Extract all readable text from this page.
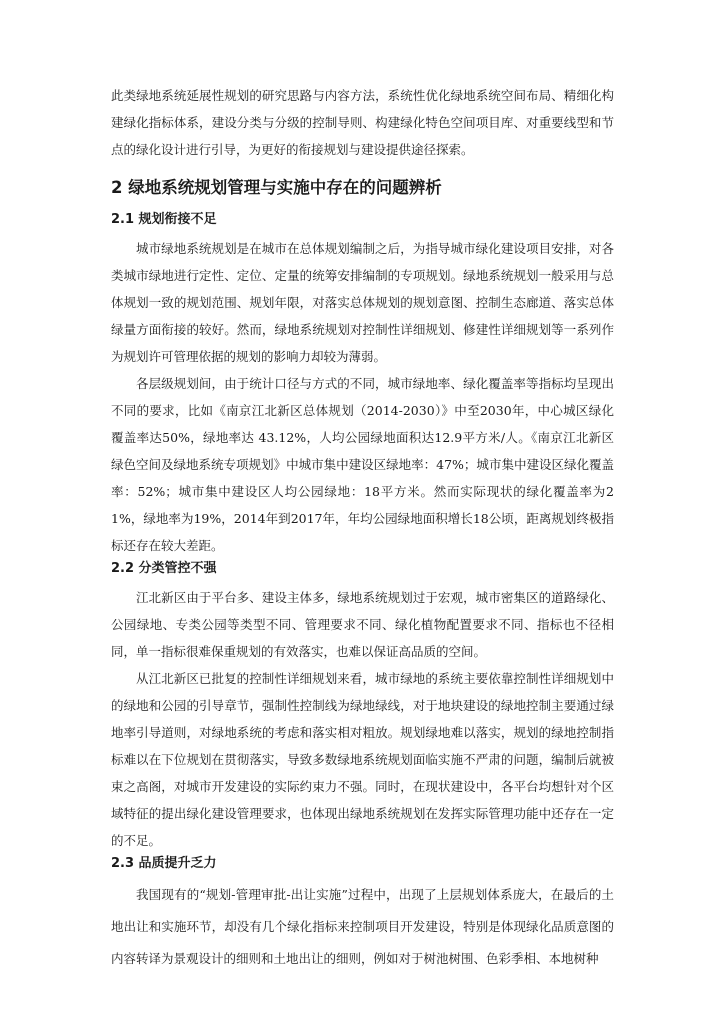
此类绿地系统延展性规划的研究思路与内容方法，系统性优化绿地系统空间布局、精细化构建绿化指标体系，建设分类与分级的控制导则、构建绿化特色空间项目库、对重要线型和节点的绿化设计进行引导，为更好的衔接规划与建设提供途径探索。

2 绿地系统规划管理与实施中存在的问题辨析
2.1 规划衔接不足

城市绿地系统规划是在城市在总体规划编制之后，为指导城市绿化建设项目安排，对各类城市绿地进行定性、定位、定量的统筹安排编制的专项规划。绿地系统规划一般采用与总体规划一致的规划范围、规划年限，对落实总体规划的规划意图、控制生态廊道、落实总体绿量方面衔接的较好。然而，绿地系统规划对控制性详细规划、修建性详细规划等一系列作为规划许可管理依据的规划的影响力却较为薄弱。

各层级规划间，由于统计口径与方式的不同，城市绿地率、绿化覆盖率等指标均呈现出不同的要求，比如《南京江北新区总体规划（2014-2030）》中至2030年，中心城区绿化覆盖率达50%，绿地率达 43.12%，人均公园绿地面积达12.9平方米/人。《南京江北新区绿色空间及绿地系统专项规划》中城市集中建设区绿地率：47%；城市集中建设区绿化覆盖率：52%；城市集中建设区人均公园绿地：18平方米。然而实际现状的绿化覆盖率为21%，绿地率为19%，2014年到2017年，年均公园绿地面积增长18公顷，距离规划终极指标还存在较大差距。

2.2 分类管控不强

江北新区由于平台多、建设主体多，绿地系统规划过于宏观，城市密集区的道路绿化、公园绿地、专类公园等类型不同、管理要求不同、绿化植物配置要求不同、指标也不径相同，单一指标很难保重规划的有效落实，也难以保证高品质的空间。

从江北新区已批复的控制性详细规划来看，城市绿地的系统主要依靠控制性详细规划中的绿地和公园的引导章节，强制性控制线为绿地绿线，对于地块建设的绿地控制主要通过绿地率引导道则，对绿地系统的考虑和落实相对粗放。规划绿地难以落实，规划的绿地控制指标难以在下位规划在贯彻落实，导致多数绿地系统规划面临实施不严肃的问题，编制后就被束之高阁，对城市开发建设的实际约束力不强。同时，在现状建设中，各平台均想针对个区域特征的提出绿化建设管理要求，也体现出绿地系统规划在发挥实际管理功能中还存在一定的不足。

2.3 品质提升乏力

我国现有的“规划-管理审批-出让实施”过程中，出现了上层规划体系庞大，在最后的土地出让和实施环节，却没有几个绿化指标来控制项目开发建设，特别是体现绿化品质意图的内容转译为景观设计的细则和土地出让的细则，例如对于树池树围、色彩季相、本地树种
